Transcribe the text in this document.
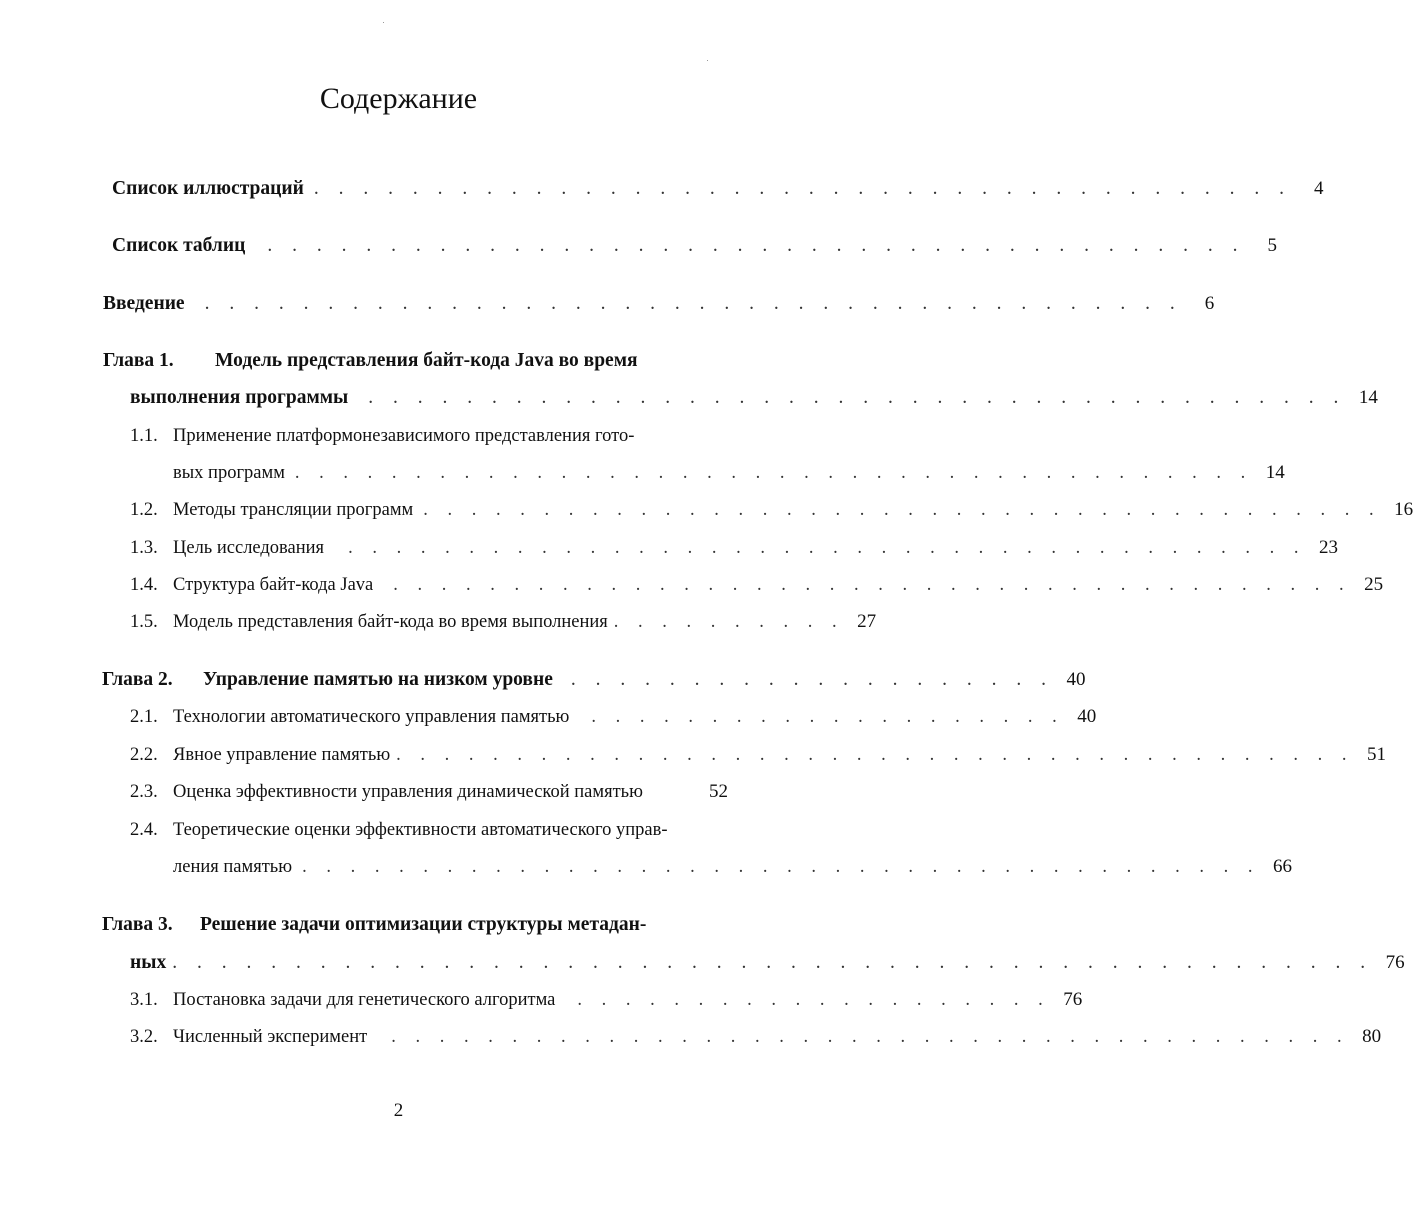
Содержание
Список иллюстраций . . . . . . . . . . . . . . . . . . . . . . . . . . . . . . . . . . . . . . . .	4
Список таблиц . . . . . . . . . . . . . . . . . . . . . . . . . . . . . . . . . . . . . . . .	5
Введение . . . . . . . . . . . . . . . . . . . . . . . . . . . . . . . . . . . . . . . .	6
Глава 1. Модель представления байт-кода Java во время
выполнения программы . . . . . . . . . . . . . . . . . . . . . . . . . . . . . . . . . . . . . . . . 14
1.1. Применение платформонезависимого представления гото-
вых программ . . . . . . . . . . . . . . . . . . . . . . . . . . . . . . . . . . . . . . . . 14
1.2. Методы трансляции программ . . . . . . . . . . . . . . . . . . . . . . . . . . . . . . . . . . . . . . . . 16
1.3. Цель исследования . . . . . . . . . . . . . . . . . . . . . . . . . . . . . . . . . . . . . . . . 23
1.4. Структура байт-кода Java . . . . . . . . . . . . . . . . . . . . . . . . . . . . . . . . . . . . . . . . 25
1.5. Модель представления байт-кода во время выполнения . . . . . . . . . . 27
Глава 2. Управление памятью на низком уровне . . . . . . . . . . . . . . . . . . . . 40
2.1. Технологии автоматического управления памятью . . . . . . . . . . . . . . . . . . . . 40
2.2. Явное управление памятью . . . . . . . . . . . . . . . . . . . . . . . . . . . . . . . . . . . . . . . . 51
2.3. Оценка эффективности управления динамической памятью	52
2.4. Теоретические оценки эффективности автоматического управ-
ления памятью . . . . . . . . . . . . . . . . . . . . . . . . . . . . . . . . . . . . . . . . 66
Глава 3. Решение задачи оптимизации структуры метадан-
ных . . . . . . . . . . . . . . . . . . . . . . . . . . . . . . . . . . . . . . . . . . . . . . . . . 76
3.1. Постановка задачи для генетического алгоритма . . . . . . . . . . . . . . . . . . . . 76
3.2. Численный эксперимент . . . . . . . . . . . . . . . . . . . . . . . . . . . . . . . . . . . . . . . . 80
2
